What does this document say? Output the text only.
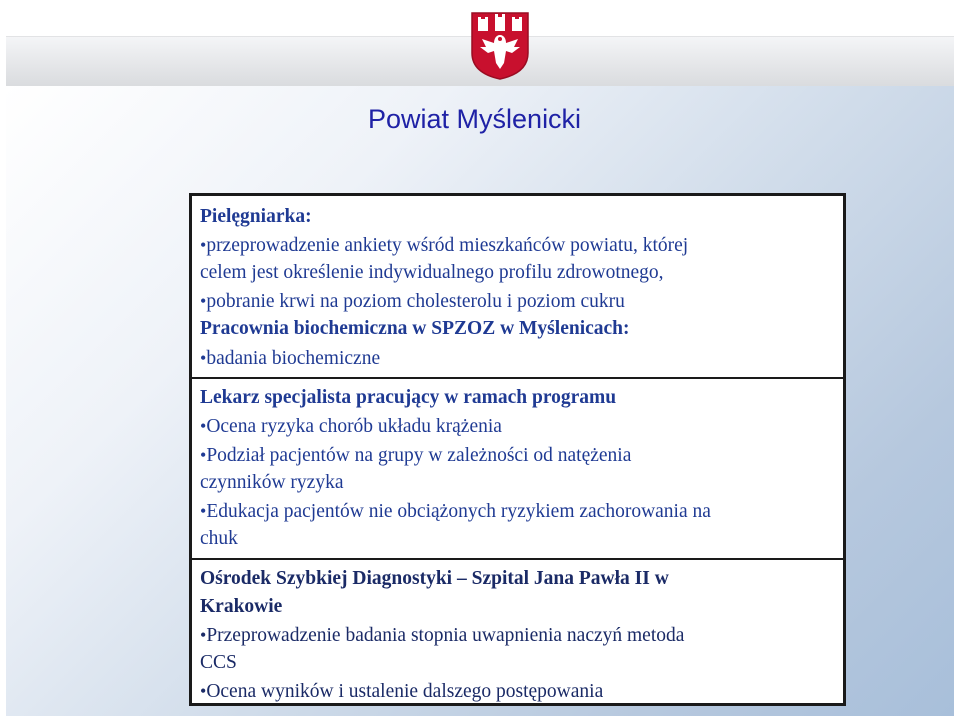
Powiat Myślenicki
Pielęgniarka:
•przeprowadzenie ankiety wśród mieszkańców powiatu, której
celem jest określenie indywidualnego profilu zdrowotnego,
•pobranie krwi na poziom cholesterolu i poziom cukru
Pracownia biochemiczna w SPZOZ w Myślenicach:
•badania biochemiczne
Lekarz specjalista pracujący w ramach programu
•Ocena ryzyka chorób układu krążenia
•Podział pacjentów na grupy w zależności od natężenia
czynników ryzyka
•Edukacja pacjentów nie obciążonych ryzykiem zachorowania na
chuk
Ośrodek Szybkiej Diagnostyki – Szpital Jana Pawła II w
Krakowie
•Przeprowadzenie badania stopnia uwapnienia naczyń metoda
CCS
•Ocena wyników i ustalenie dalszego postępowania
